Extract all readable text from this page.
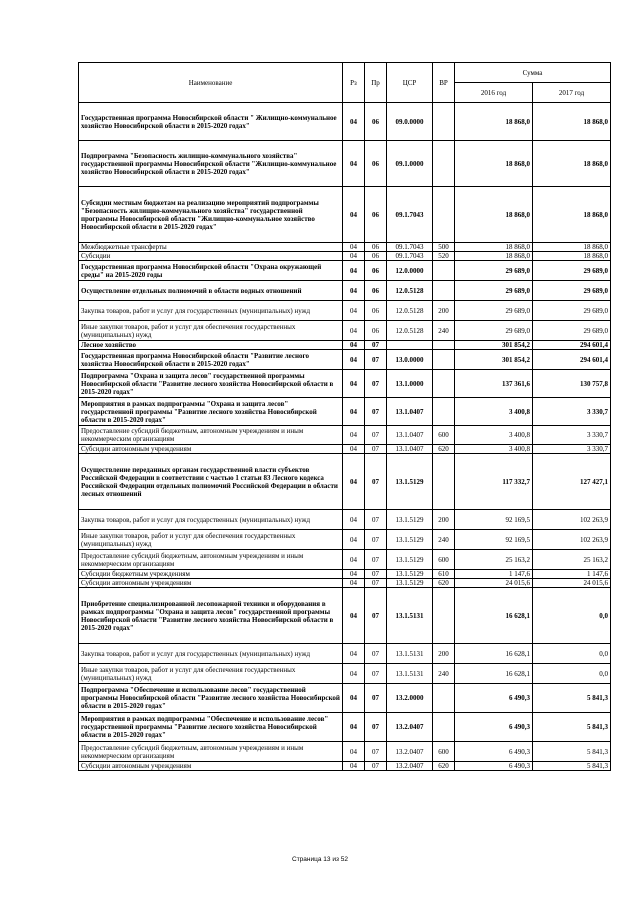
Наименование	Рз	Пр	ЦСР	ВР	Сумма	
					2016 год	2017 год
Государственная программа Новосибирской области " Жилищно-коммунальное хозяйство Новосибирской области в 2015-2020 годах"	04	06	09.0.0000		18 868,0	18 868,0
Подпрограмма "Безопасность жилищно-коммунального хозяйства" государственной программы Новосибирской области "Жилищно-коммунальное хозяйство Новосибирской области в 2015-2020 годах"	04	06	09.1.0000		18 868,0	18 868,0
Субсидии местным бюджетам на реализацию мероприятий подпрограммы "Безопасность жилищно-коммунального хозяйства" государственной программы Новосибирской области "Жилищно-коммунальное хозяйство Новосибирской области в 2015-2020 годах"	04	06	09.1.7043		18 868,0	18 868,0
Межбюджетные трансферты	04	06	09.1.7043	500	18 868,0	18 868,0
Субсидии	04	06	09.1.7043	520	18 868,0	18 868,0
Государственная программа Новосибирской области "Охрана окружающей среды" на 2015-2020 годы	04	06	12.0.0000		29 689,0	29 689,0
Осуществление отдельных полномочий в области водных отношений	04	06	12.0.5128		29 689,0	29 689,0
Закупка товаров, работ и услуг для государственных (муниципальных) нужд	04	06	12.0.5128	200	29 689,0	29 689,0
Иные закупки товаров, работ и услуг для обеспечения государственных (муниципальных) нужд	04	06	12.0.5128	240	29 689,0	29 689,0
Лесное хозяйство	04	07			301 854,2	294 601,4
Государственная программа Новосибирской области "Развитие лесного хозяйства Новосибирской области в 2015-2020 годах"	04	07	13.0.0000		301 854,2	294 601,4
Подпрограмма "Охрана и защита лесов" государственной программы Новосибирской области "Развитие лесного хозяйства Новосибирской области в 2015-2020 годах"	04	07	13.1.0000		137 361,6	130 757,8
Мероприятия в рамках подпрограммы "Охрана и защита лесов" государственной программы "Развитие лесного хозяйства Новосибирской области в 2015-2020 годах"	04	07	13.1.0407		3 400,8	3 330,7
Предоставление субсидий бюджетным, автономным учреждениям и иным некоммерческим организациям	04	07	13.1.0407	600	3 400,8	3 330,7
Субсидии автономным учреждениям	04	07	13.1.0407	620	3 400,8	3 330,7
Осуществление переданных органам государственной власти субъектов Российской Федерации в соответствии с частью 1 статьи 83 Лесного кодекса Российской Федерации отдельных полномочий Российской Федерации в области лесных отношений	04	07	13.1.5129		117 332,7	127 427,1
Закупка товаров, работ и услуг для государственных (муниципальных) нужд	04	07	13.1.5129	200	92 169,5	102 263,9
Иные закупки товаров, работ и услуг для обеспечения государственных (муниципальных) нужд	04	07	13.1.5129	240	92 169,5	102 263,9
Предоставление субсидий бюджетным, автономным учреждениям и иным некоммерческим организациям	04	07	13.1.5129	600	25 163,2	25 163,2
Субсидии бюджетным учреждениям	04	07	13.1.5129	610	1 147,6	1 147,6
Субсидии автономным учреждениям	04	07	13.1.5129	620	24 015,6	24 015,6
Приобретение специализированной лесопожарной техники и оборудования в рамках подпрограммы "Охрана и защита лесов" государственной программы Новосибирской области "Развитие лесного хозяйства Новосибирской области в 2015-2020 годах"	04	07	13.1.5131		16 628,1	0,0
Закупка товаров, работ и услуг для государственных (муниципальных) нужд	04	07	13.1.5131	200	16 628,1	0,0
Иные закупки товаров, работ и услуг для обеспечения государственных (муниципальных) нужд	04	07	13.1.5131	240	16 628,1	0,0
Подпрограмма "Обеспечение и использование лесов" государственной программы Новосибирской области "Развитие лесного хозяйства Новосибирской области в 2015-2020 годах"	04	07	13.2.0000		6 490,3	5 841,3
Мероприятия в рамках подпрограммы "Обеспечение и использование лесов" государственной программы "Развитие лесного хозяйства Новосибирской области в 2015-2020 годах"	04	07	13.2.0407		6 490,3	5 841,3
Предоставление субсидий бюджетным, автономным учреждениям и иным некоммерческим организациям	04	07	13.2.0407	600	6 490,3	5 841,3
Субсидии автономным учреждениям	04	07	13.2.0407	620	6 490,3	5 841,3
Страница 13 из 52
